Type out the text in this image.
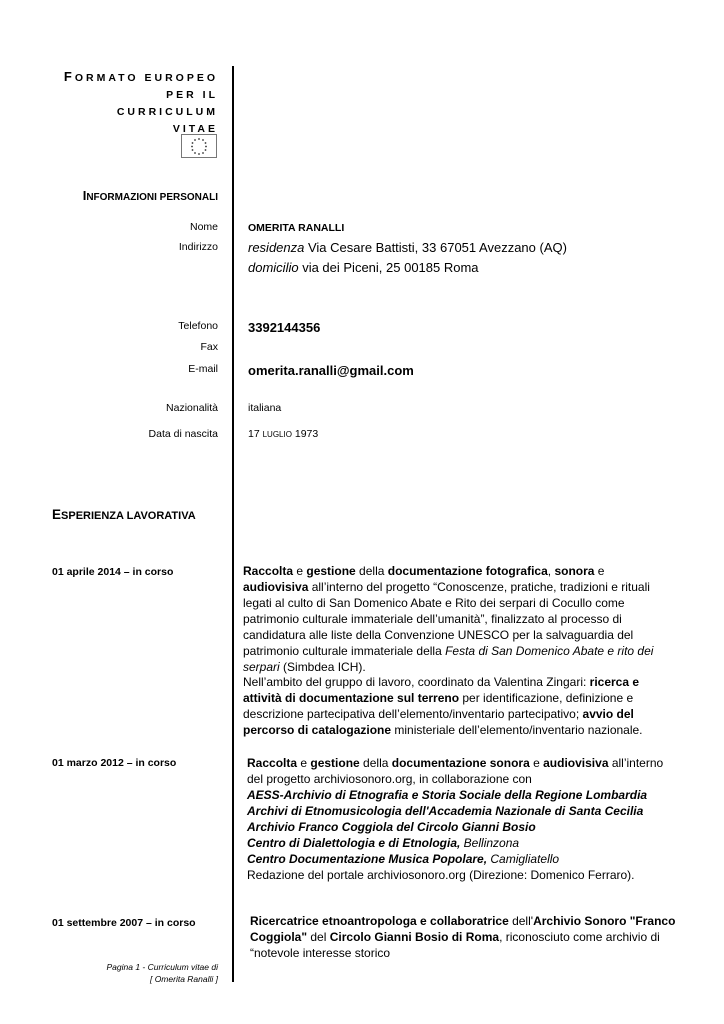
FORMATO EUROPEO
PER IL CURRICULUM
VITAE
INFORMAZIONI PERSONALI
Nome	OMERITA RANALLI
Indirizzo residenza Via Cesare Battisti, 33 67051 Avezzano (AQ)
domicilio via dei Piceni, 25 00185 Roma
Telefono 3392144356
Fax
E-mail omerita.ranalli@gmail.com
Nazionalità	italiana
Data di nascita	17 LUGLIO 1973
ESPERIENZA LAVORATIVA
01 aprile 2014 – in corso	Raccolta e gestione della documentazione fotografica, sonora e audiovisiva all’interno del progetto “Conoscenze, pratiche, tradizioni e rituali legati al culto di San Domenico Abate e Rito dei serpari di Cocullo come patrimonio culturale immateriale dell’umanità”, finalizzato al processo di candidatura alle liste della Convenzione UNESCO per la salvaguardia del patrimonio culturale immateriale della Festa di San Domenico Abate e rito dei serpari (Simbdea ICH).
Nell’ambito del gruppo di lavoro, coordinato da Valentina Zingari: ricerca e attività di documentazione sul terreno per identificazione, definizione e descrizione partecipativa dell’elemento/inventario partecipativo; avvio del percorso di catalogazione ministeriale dell’elemento/inventario nazionale.
01 marzo 2012 – in corso	Raccolta e gestione della documentazione sonora e audiovisiva all’interno del progetto archiviosonoro.org, in collaborazione con
AESS-Archivio di Etnografia e Storia Sociale della Regione Lombardia
Archivi di Etnomusicologia dell'Accademia Nazionale di Santa Cecilia
Archivio Franco Coggiola del Circolo Gianni Bosio
Centro di Dialettologia e di Etnologia, Bellinzona
Centro Documentazione Musica Popolare, Camigliatello
Redazione del portale archiviosonoro.org (Direzione: Domenico Ferraro).
01 settembre 2007 – in corso	Ricercatrice etnoantropologa e collaboratrice dell'Archivio Sonoro "Franco Coggiola" del Circolo Gianni Bosio di Roma, riconosciuto come archivio di “notevole interesse storico
Pagina 1 - Curriculum vitae di
[ Omerita Ranalli ]
